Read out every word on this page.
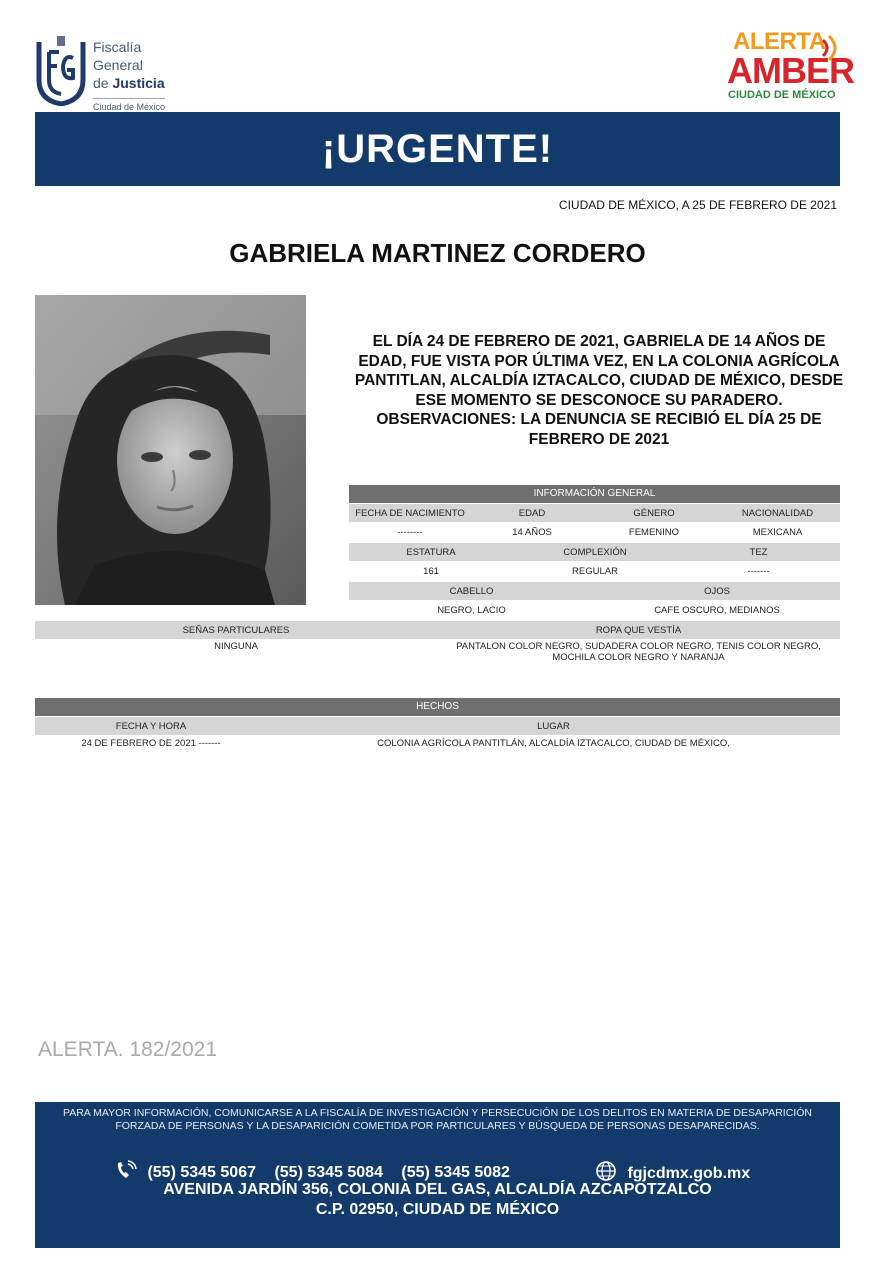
Fiscalía
General
de Justicia
Ciudad de México
ALERTA
AMBER
CIUDAD DE MÉXICO
¡URGENTE!
CIUDAD DE MÉXICO, A 25 DE FEBRERO DE 2021
GABRIELA MARTINEZ CORDERO
EL DÍA 24 DE FEBRERO DE 2021, GABRIELA DE 14 AÑOS DE EDAD, FUE VISTA POR ÚLTIMA VEZ, EN LA COLONIA AGRÍCOLA PANTITLAN, ALCALDÍA IZTACALCO, CIUDAD DE MÉXICO, DESDE ESE MOMENTO SE DESCONOCE SU PARADERO. OBSERVACIONES: LA DENUNCIA SE RECIBIÓ EL DÍA 25 DE FEBRERO DE 2021
INFORMACIÓN GENERAL
FECHA DE NACIMIENTO	EDAD	GÉNERO	NACIONALIDAD
--------	14 AÑOS	FEMENINO	MEXICANA
ESTATURA	COMPLEXIÓN	TEZ
161	REGULAR	-------
CABELLO	OJOS
NEGRO, LACIO	CAFE OSCURO, MEDIANOS
SEÑAS PARTICULARES	ROPA QUE VESTÍA
NINGUNA	PANTALON COLOR NEGRO, SUDADERA COLOR NEGRO, TENIS COLOR NEGRO,
MOCHILA COLOR NEGRO Y NARANJA
HECHOS
FECHA Y HORA	LUGAR
24 DE FEBRERO DE 2021 -------	COLONIA AGRÍCOLA PANTITLÁN, ALCALDÍA IZTACALCO, CIUDAD DE MÉXICO,
ALERTA. 182/2021
PARA MAYOR INFORMACIÓN, COMUNICARSE A LA FISCALÍA DE INVESTIGACIÓN Y PERSECUCIÓN DE LOS DELITOS EN MATERIA DE DESAPARICIÓN
FORZADA DE PERSONAS Y LA DESAPARICIÓN COMETIDA POR PARTICULARES Y BÚSQUEDA DE PERSONAS DESAPARECIDAS.
(55) 5345 5067 (55) 5345 5084 (55) 5345 5082	fgjcdmx.gob.mx
AVENIDA JARDÍN 356, COLONIA DEL GAS, ALCALDÍA AZCAPOTZALCO
C.P. 02950, CIUDAD DE MÉXICO
